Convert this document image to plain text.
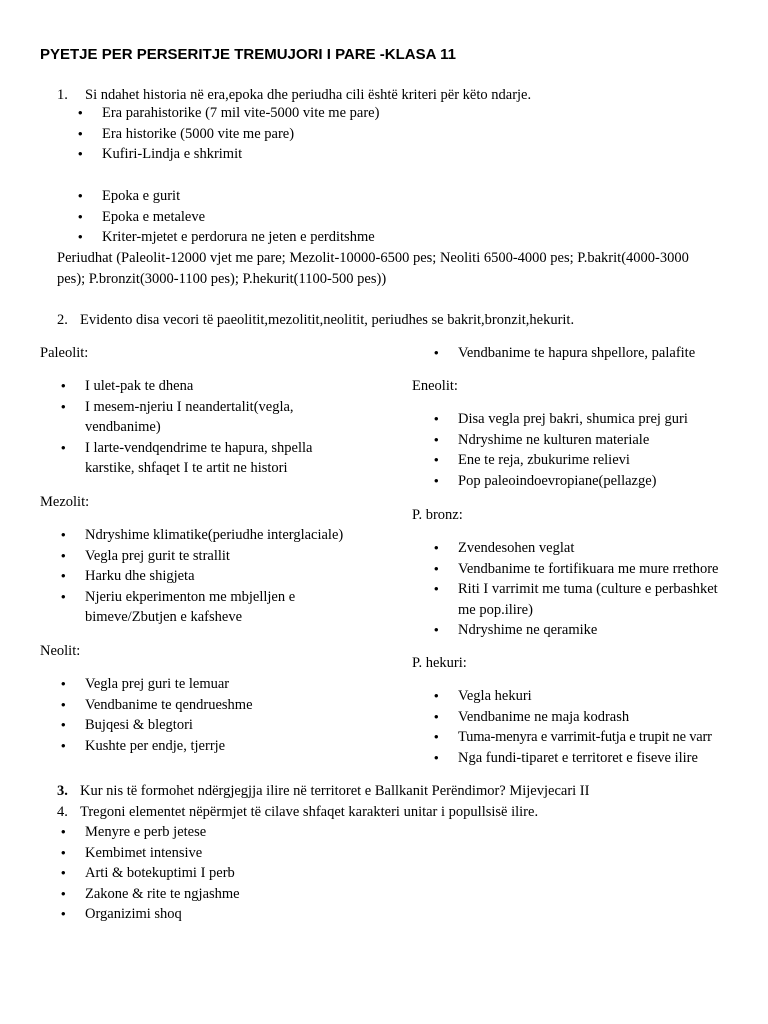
PYETJE PER PERSERITJE TREMUJORI I PARE -KLASA 11
1. Si ndahet historia në era,epoka dhe periudha cili është kriteri për këto ndarje.
• Era parahistorike (7 mil vite-5000 vite me pare)
• Era historike (5000 vite me pare)
• Kufiri-Lindja e shkrimit
• Epoka e gurit
• Epoka e metaleve
• Kriter-mjetet e perdorura ne jeten e perditshme
Periudhat (Paleolit-12000 vjet me pare; Mezolit-10000-6500 pes; Neoliti 6500-4000 pes; P.bakrit(4000-3000
pes); P.bronzit(3000-1100 pes); P.hekurit(1100-500 pes))
2. Evidento disa vecori të paeolitit,mezolitit,neolitit, periudhes se bakrit,bronzit,hekurit.
Paleolit:
• I ulet-pak te dhena
• I mesem-njeriu I neandertalit(vegla, vendbanime)
• I larte-vendqendrime te hapura, shpella karstike, shfaqet I te artit ne histori
Mezolit:
• Ndryshime klimatike(periudhe interglaciale)
• Vegla prej gurit te strallit
• Harku dhe shigjeta
• Njeriu ekperimenton me mbjelljen e bimeve/Zbutjen e kafsheve
Neolit:
• Vegla prej guri te lemuar
• Vendbanime te qendrueshme
• Bujqesi & blegtori
• Kushte per endje, tjerrje
• Vendbanime te hapura shpellore, palafite
Eneolit:
• Disa vegla prej bakri, shumica prej guri
• Ndryshime ne kulturen materiale
• Ene te reja, zbukurime relievi
• Pop paleoindoevropiane(pellazge)
P. bronz:
• Zvendesohen veglat
• Vendbanime te fortifikuara me mure rrethore
• Riti I varrimit me tuma (culture e perbashket me pop.ilire)
• Ndryshime ne qeramike
P. hekuri:
• Vegla hekuri
• Vendbanime ne maja kodrash
• Tuma-menyra e varrimit-futja e trupit ne varr
• Nga fundi-tiparet e territoret e fiseve ilire
3. Kur nis të formohet ndërgjegjja ilire në territoret e Ballkanit Perëndimor? Mijevjecari II
4. Tregoni elementet nëpërmjet të cilave shfaqet karakteri unitar i popullsisë ilire.
• Menyre e perb jetese
• Kembimet intensive
• Arti & botekuptimi I perb
• Zakone & rite te ngjashme
• Organizimi shoq
